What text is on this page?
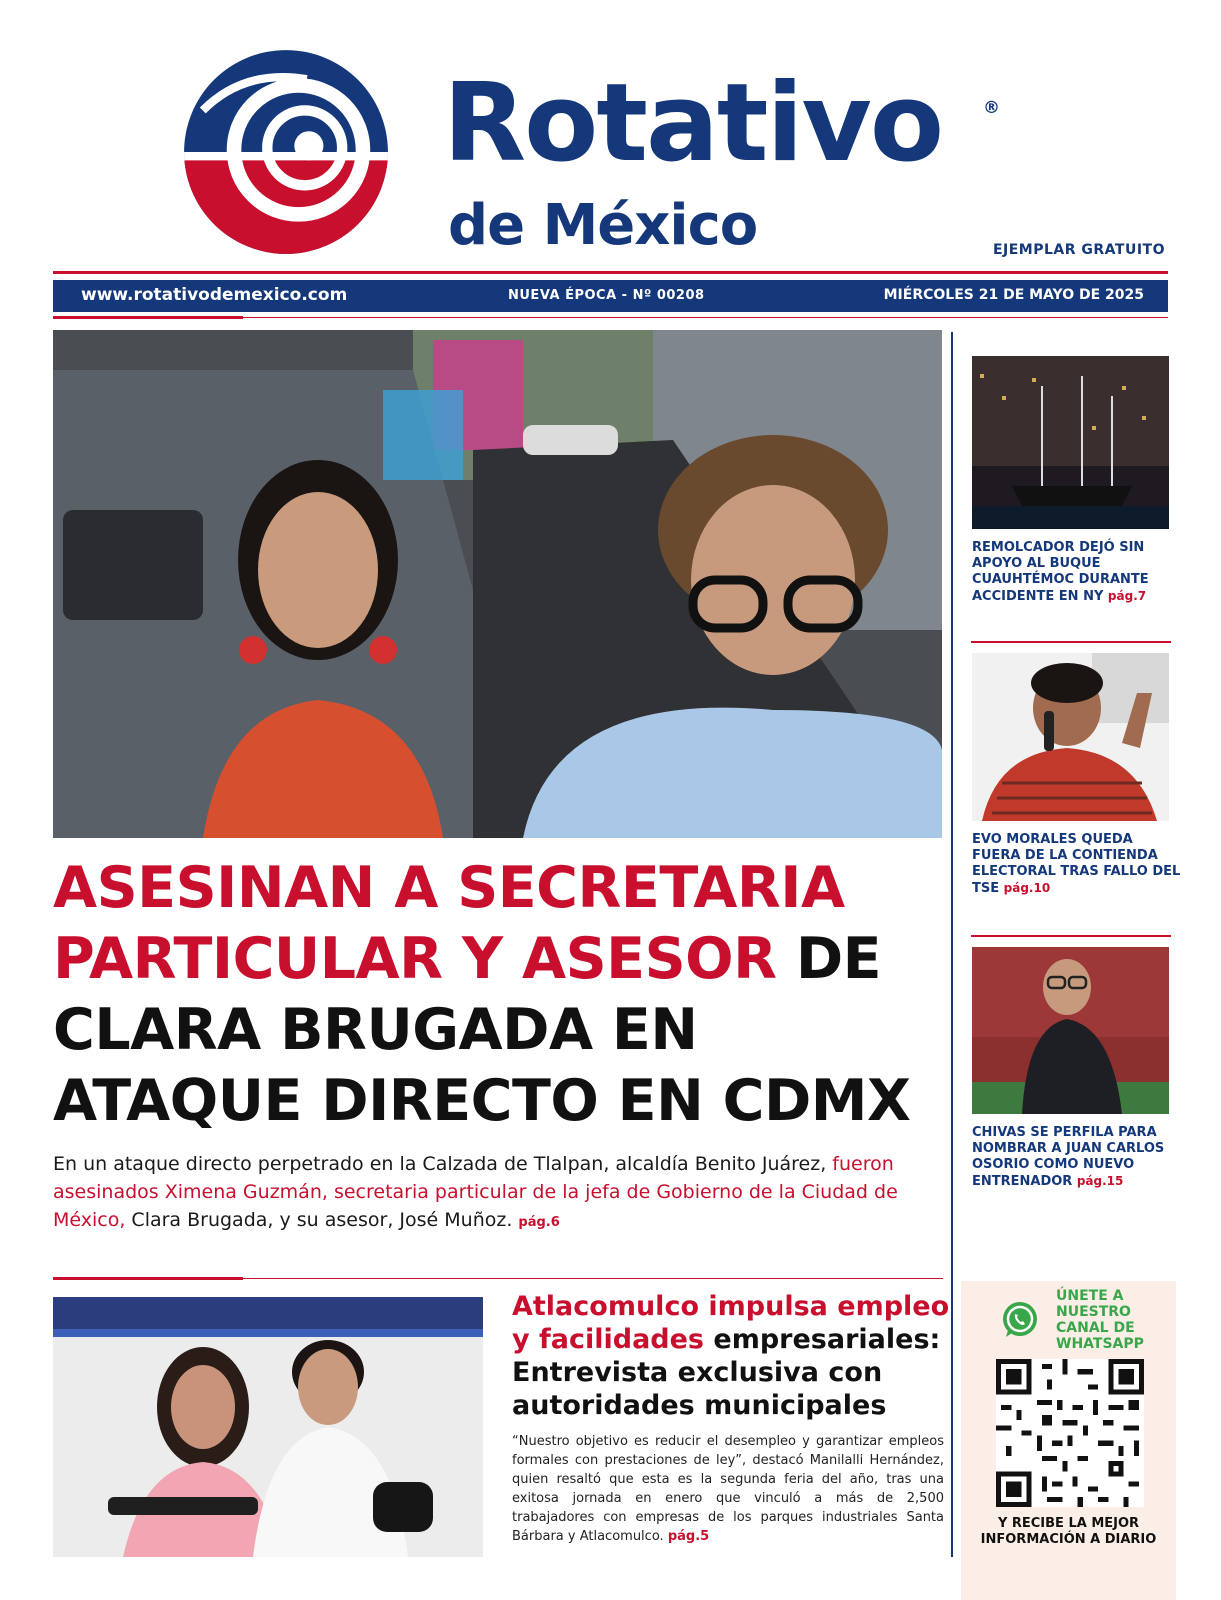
Rotativo ®
de México	EJEMPLAR GRATUITO
www.rotativodemexico.com	NUEVA ÉPOCA - Nº 00208	MIÉRCOLES 21 DE MAYO DE 2025
ASESINAN A SECRETARIA PARTICULAR Y ASESOR DE CLARA BRUGADA EN ATAQUE DIRECTO EN CDMX

En un ataque directo perpetrado en la Calzada de Tlalpan, alcaldía Benito Juárez, fueron asesinados Ximena Guzmán, secretaria particular de la jefa de Gobierno de la Ciudad de México, Clara Brugada, y su asesor, José Muñoz. pág.6

Atlacomulco impulsa empleo y facilidades empresariales: Entrevista exclusiva con autoridades municipales

“Nuestro objetivo es reducir el desempleo y garantizar empleos formales con prestaciones de ley”, destacó Manilalli Hernández, quien resaltó que esta es la segunda feria del año, tras una exitosa jornada en enero que vinculó a más de 2,500 trabajadores con empresas de los parques industriales Santa Bárbara y Atlacomulco. pág.5

REMOLCADOR DEJÓ SIN APOYO AL BUQUE CUAUHTÉMOC DURANTE ACCIDENTE EN NY pág.7
EVO MORALES QUEDA FUERA DE LA CONTIENDA ELECTORAL TRAS FALLO DEL TSE pág.10
CHIVAS SE PERFILA PARA NOMBRAR A JUAN CARLOS OSORIO COMO NUEVO ENTRENADOR pág.15
ÚNETE A NUESTRO CANAL DE WHATSAPP
Y RECIBE LA MEJOR INFORMACIÓN A DIARIO
